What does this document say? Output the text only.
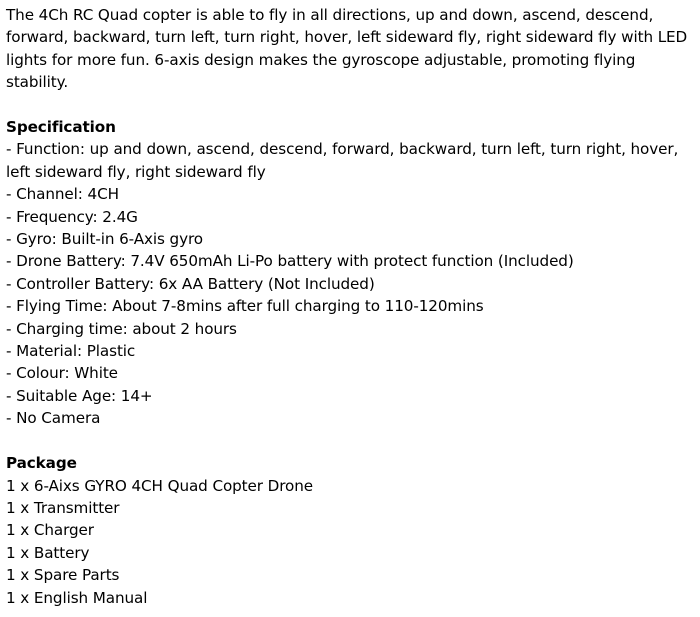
The 4Ch RC Quad copter is able to fly in all directions, up and down, ascend, descend,
forward, backward, turn left, turn right, hover, left sideward fly, right sideward fly with LED
lights for more fun. 6-axis design makes the gyroscope adjustable, promoting flying
stability.
Specification
- Function: up and down, ascend, descend, forward, backward, turn left, turn right, hover,
left sideward fly, right sideward fly
- Channel: 4CH
- Frequency: 2.4G
- Gyro: Built-in 6-Axis gyro
- Drone Battery: 7.4V 650mAh Li-Po battery with protect function (Included)
- Controller Battery: 6x AA Battery (Not Included)
- Flying Time: About 7-8mins after full charging to 110-120mins
- Charging time: about 2 hours
- Material: Plastic
- Colour: White
- Suitable Age: 14+
- No Camera
Package
1 x 6-Aixs GYRO 4CH Quad Copter Drone
1 x Transmitter
1 x Charger
1 x Battery
1 x Spare Parts
1 x English Manual
